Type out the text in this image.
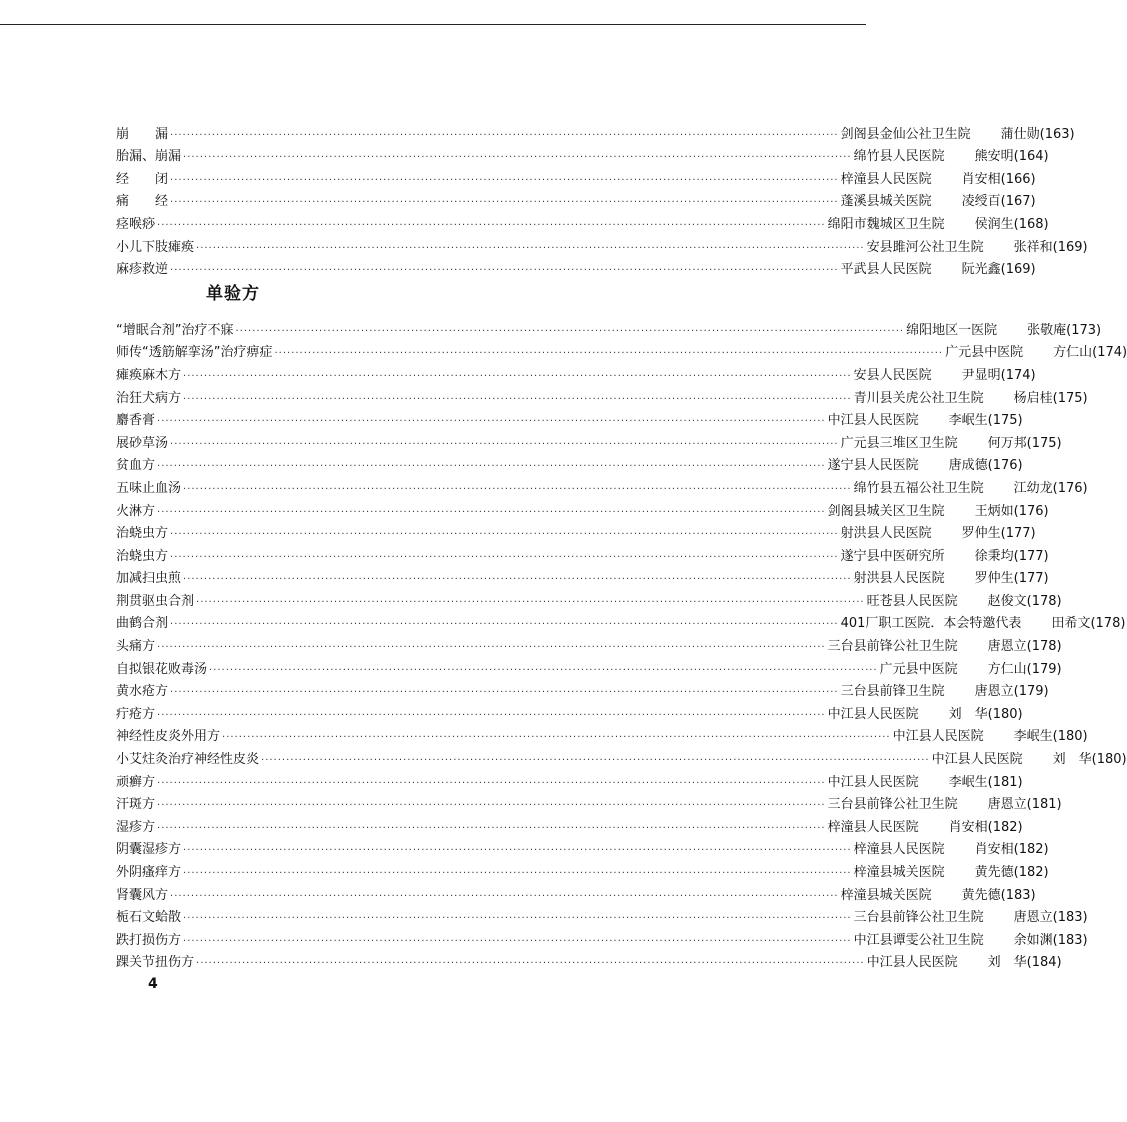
崩　　漏 ································································································································································ 剑阁县金仙公社卫生院	蒲仕勋(163)
胎漏、崩漏 ································································································································································ 绵竹县人民医院	熊安明(164)
经　　闭 ································································································································································ 梓潼县人民医院	肖安相(166)
痛　　经 ································································································································································ 蓬溪县城关医院	凌绶百(167)
痉喉痧 ································································································································································ 绵阳市魏城区卫生院	侯润生(168)
小儿下肢瘫痪 ································································································································································ 安县雎河公社卫生院	张祥和(169)
麻疹救逆 ································································································································································ 平武县人民医院	阮光鑫(169)
单验方
“增眠合剂”治疗不寐 ································································································································································ 绵阳地区一医院	张敬庵(173)
师传“透筋解挛汤”治疗痹症 ································································································································································ 广元县中医院	方仁山(174)
瘫痪麻木方 ································································································································································ 安县人民医院	尹显明(174)
治狂犬病方 ································································································································································ 青川县关虎公社卫生院	杨启桂(175)
麝香膏 ································································································································································ 中江县人民医院	李岷生(175)
展砂草汤 ································································································································································ 广元县三堆区卫生院	何万邦(175)
贫血方 ································································································································································ 遂宁县人民医院	唐成德(176)
五味止血汤 ································································································································································ 绵竹县五福公社卫生院	江幼龙(176)
火淋方 ································································································································································ 剑阁县城关区卫生院	王炳如(176)
治蛲虫方 ································································································································································ 射洪县人民医院	罗仲生(177)
治蛲虫方 ································································································································································ 遂宁县中医研究所	徐秉均(177)
加减扫虫煎 ································································································································································ 射洪县人民医院	罗仲生(177)
荆贯驱虫合剂 ································································································································································ 旺苍县人民医院	赵俊文(178)
曲鹤合剂 ································································································································································ 401厂职工医院．本会特邀代表	田希文(178)
头痛方 ································································································································································ 三台县前锋公社卫生院	唐恩立(178)
自拟银花败毒汤 ································································································································································ 广元县中医院	方仁山(179)
黄水疮方 ································································································································································ 三台县前锋卫生院	唐恩立(179)
疔疮方 ································································································································································ 中江县人民医院	刘　华(180)
神经性皮炎外用方 ································································································································································ 中江县人民医院	李岷生(180)
小艾炷灸治疗神经性皮炎 ································································································································································ 中江县人民医院	刘　华(180)
顽癣方 ································································································································································ 中江县人民医院	李岷生(181)
汗斑方 ································································································································································ 三台县前锋公社卫生院	唐恩立(181)
湿疹方 ································································································································································ 梓潼县人民医院	肖安相(182)
阴囊湿疹方 ································································································································································ 梓潼县人民医院	肖安相(182)
外阴瘙痒方 ································································································································································ 梓潼县城关医院	黄先德(182)
肾囊风方 ································································································································································ 梓潼县城关医院	黄先德(183)
栀石文蛤散 ································································································································································ 三台县前锋公社卫生院	唐恩立(183)
跌打损伤方 ································································································································································ 中江县谭雯公社卫生院	余如渊(183)
踝关节扭伤方 ································································································································································ 中江县人民医院	刘　华(184)
4
